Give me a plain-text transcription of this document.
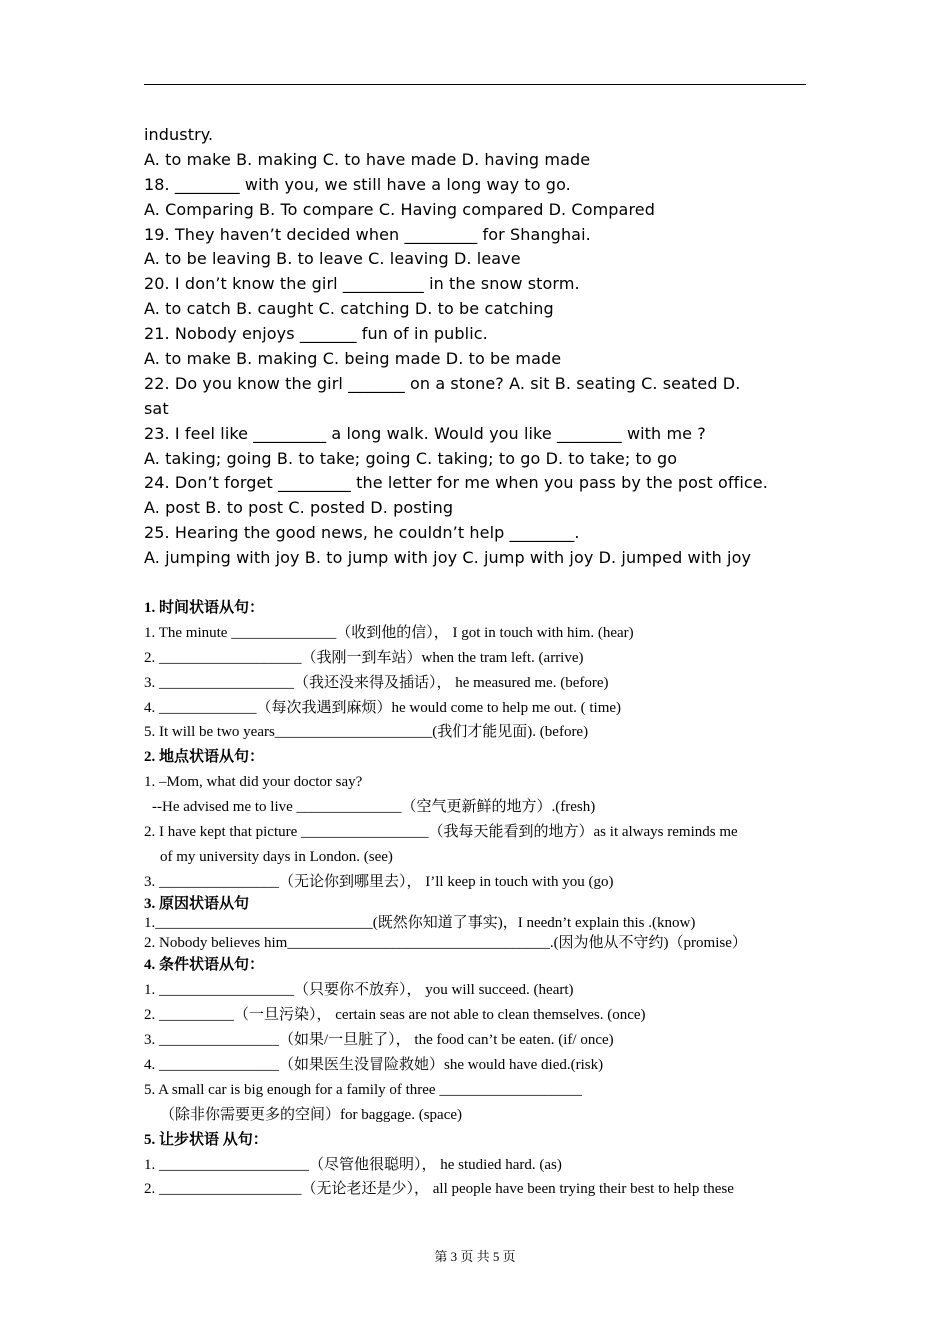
industry.
A. to make B. making C. to have made D. having made
18. ________ with you, we still have a long way to go.
A. Comparing B. To compare C. Having compared D. Compared
19. They haven’t decided when _________ for Shanghai.
A. to be leaving B. to leave C. leaving D. leave
20. I don’t know the girl __________ in the snow storm.
A. to catch B. caught C. catching D. to be catching
21. Nobody enjoys _______ fun of in public.
A. to make B. making C. being made D. to be made
22. Do you know the girl _______ on a stone? A. sit B. seating C. seated D.
sat
23. I feel like _________ a long walk. Would you like ________ with me ?
A. taking; going B. to take; going C. taking; to go D. to take; to go
24. Don’t forget _________ the letter for me when you pass by the post office.
A. post B. to post C. posted D. posting
25. Hearing the good news, he couldn’t help ________.
A. jumping with joy B. to jump with joy C. jump with joy D. jumped with joy
1. 时间状语从句：
1. The minute ______________（收到他的信）， I got in touch with him. (hear)
2. ___________________（我刚一到车站）when the tram left. (arrive)
3. __________________（我还没来得及插话）， he measured me. (before)
4. _____________（每次我遇到麻烦）he would come to help me out. ( time)
5. It will be two years_____________________(我们才能见面). (before)
2. 地点状语从句：
1. –Mom, what did your doctor say?
--He advised me to live ______________（空气更新鲜的地方）.(fresh)
2. I have kept that picture _________________（我每天能看到的地方）as it always reminds me
of my university days in London. (see)
3. ________________（无论你到哪里去）， I’ll keep in touch with you (go)
3. 原因状语从句
1._____________________________(既然你知道了事实)，I needn’t explain this .(know)
2. Nobody believes him___________________________________.(因为他从不守约)（promise）
4. 条件状语从句：
1. __________________（只要你不放弃）， you will succeed. (heart)
2. __________（一旦污染）， certain seas are not able to clean themselves. (once)
3. ________________（如果/一旦脏了）， the food can’t be eaten. (if/ once)
4. ________________（如果医生没冒险救她）she would have died.(risk)
5. A small car is big enough for a family of three ___________________
（除非你需要更多的空间）for baggage. (space)
5. 让步状语 从句：
1. ____________________（尽管他很聪明）， he studied hard. (as)
2. ___________________（无论老还是少）， all people have been trying their best to help these
第 3 页 共 5 页
